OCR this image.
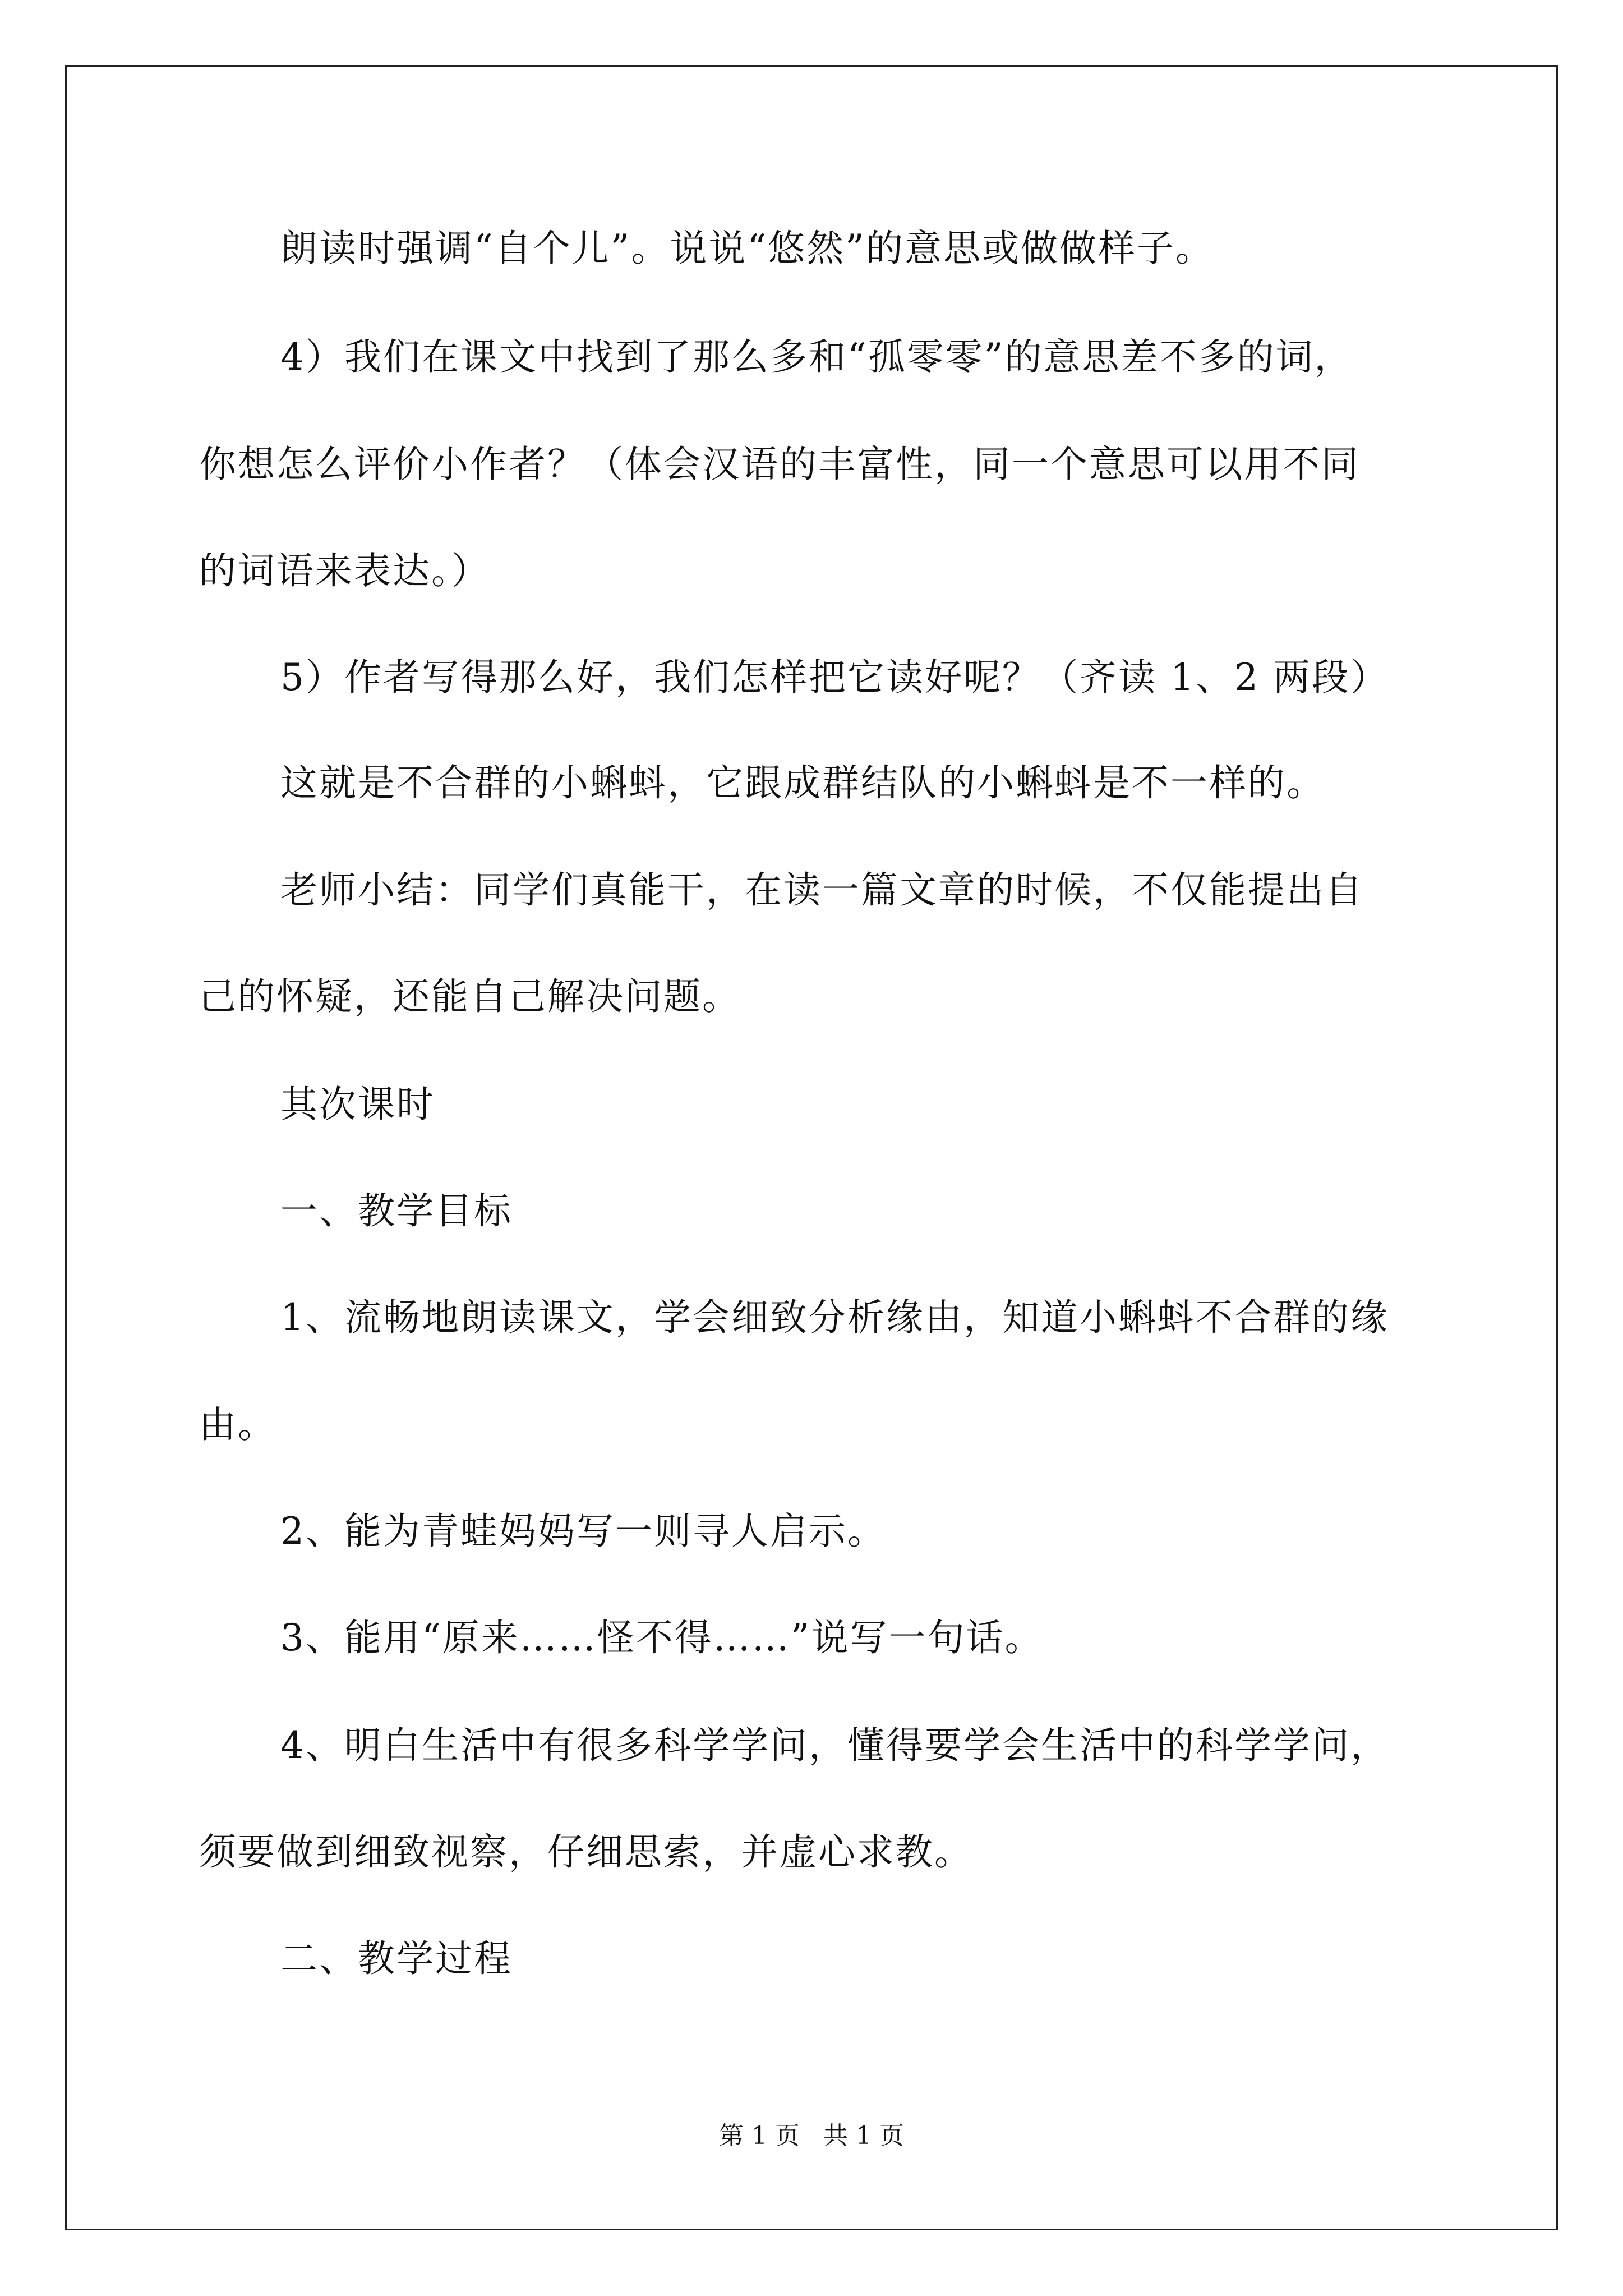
朗读时强调“自个儿”。说说“悠然”的意思或做做样子。
4）我们在课文中找到了那么多和“孤零零”的意思差不多的词，
你想怎么评价小作者？（体会汉语的丰富性，同一个意思可以用不同
的词语来表达。）
5）作者写得那么好，我们怎样把它读好呢？（齐读 1、2 两段）
这就是不合群的小蝌蚪，它跟成群结队的小蝌蚪是不一样的。
老师小结：同学们真能干，在读一篇文章的时候，不仅能提出自
己的怀疑，还能自己解决问题。
其次课时
一、教学目标
1、流畅地朗读课文，学会细致分析缘由，知道小蝌蚪不合群的缘
由。
2、能为青蛙妈妈写一则寻人启示。
3、能用“原来……怪不得……”说写一句话。
4、明白生活中有很多科学学问，懂得要学会生活中的科学学问，
须要做到细致视察，仔细思索，并虚心求教。
二、教学过程
第 1 页   共 1 页
